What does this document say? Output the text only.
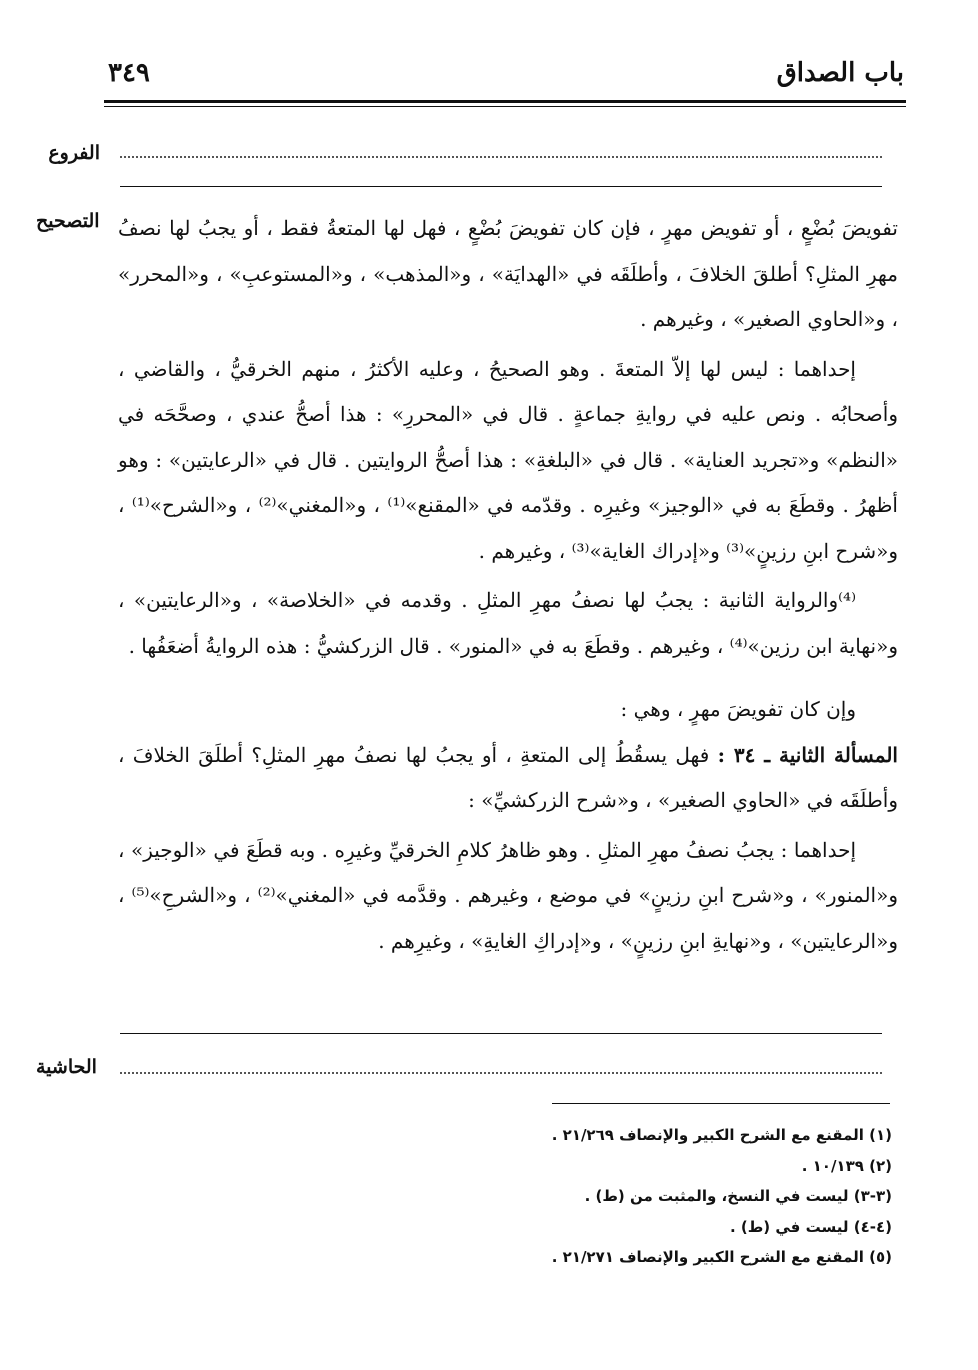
باب الصداق
٣٤٩
الفروع
التصحيح تفويضَ بُضْعٍ ، أو تفويض مهرٍ ، فإن كان تفويضَ بُضْعٍ ، فهل لها المتعةُ فقط ، أو يجبُ لها نصفُ مهرِ المثلِ؟ أطلقَ الخلافَ ، وأطلَقَه في «الهدايَة» ، و«المذهب» ، و«المستوعبِ» ، و«المحرر» ، و«الحاوي الصغير» ، وغيرهم .

إحداهما : ليس لها إلاّ المتعةَ . وهو الصحيحُ ، وعليه الأكثرُ ، منهم الخرقيُّ ، والقاضي ، وأصحابُه . ونص عليه في روايةِ جماعةٍ . قال في «المحررِ» : هذا أصحُّ عندي ، وصحَّحَه في «النظم» و«تجريد العناية» . قال في «البلغةِ» : هذا أصحُّ الروايتين . قال في «الرعايتين» : وهو أظهرُ . وقطَعَ به في «الوجيز» وغيرِه . وقدّمه في «المقنع»⁽¹⁾ ، و«المغني»⁽²⁾ ، و«الشرح»⁽¹⁾ ، و«شرح ابنِ رزينٍ»⁽³⁾ و«إدراك الغاية»⁽³⁾ ، وغيرهم .

⁽⁴⁾والرواية الثانية : يجبُ لها نصفُ مهرِ المثلِ . وقدمه في «الخلاصة» ، و«الرعايتين» ، و«نهاية ابن رزين»⁽⁴⁾ ، وغيرهم . وقطَعَ به في «المنور» . قال الزركشيُّ : هذه الروايةُ أضعَفُها .

وإن كان تفويضَ مهرٍ ، وهي :

المسألة الثانية ـ ٣٤ : فهل يسقُطُ إلى المتعةِ ، أو يجبُ لها نصفُ مهرِ المثلِ؟ أطلَقَ الخلافَ ، وأطلَقَه في «الحاوي الصغير» ، و«شرح الزركشيِّ» :

إحداهما : يجبُ نصفُ مهرِ المثلِ . وهو ظاهرُ كلامِ الخرقيِّ وغيرِه . وبه قطَعَ في «الوجيز» ، و«المنور» ، و«شرح ابنِ رزينٍ» في موضع ، وغيرهم . وقدَّمه في «المغني»⁽²⁾ ، و«الشرحِ»⁽⁵⁾ ، و«الرعايتين» ، و«نهايةِ ابنِ رزينٍ» ، و«إدراكِ الغايةِ» ، وغيرِهم .

الحاشية
(١) المقنع مع الشرح الكبير والإنصاف ٢١/٢٦٩ .
(٢) ١٠/١٣٩ .
(٣-٣) ليست في النسخ، والمثبت من (ط) .
(٤-٤) ليست في (ط) .
(٥) المقنع مع الشرح الكبير والإنصاف ٢١/٢٧١ .
